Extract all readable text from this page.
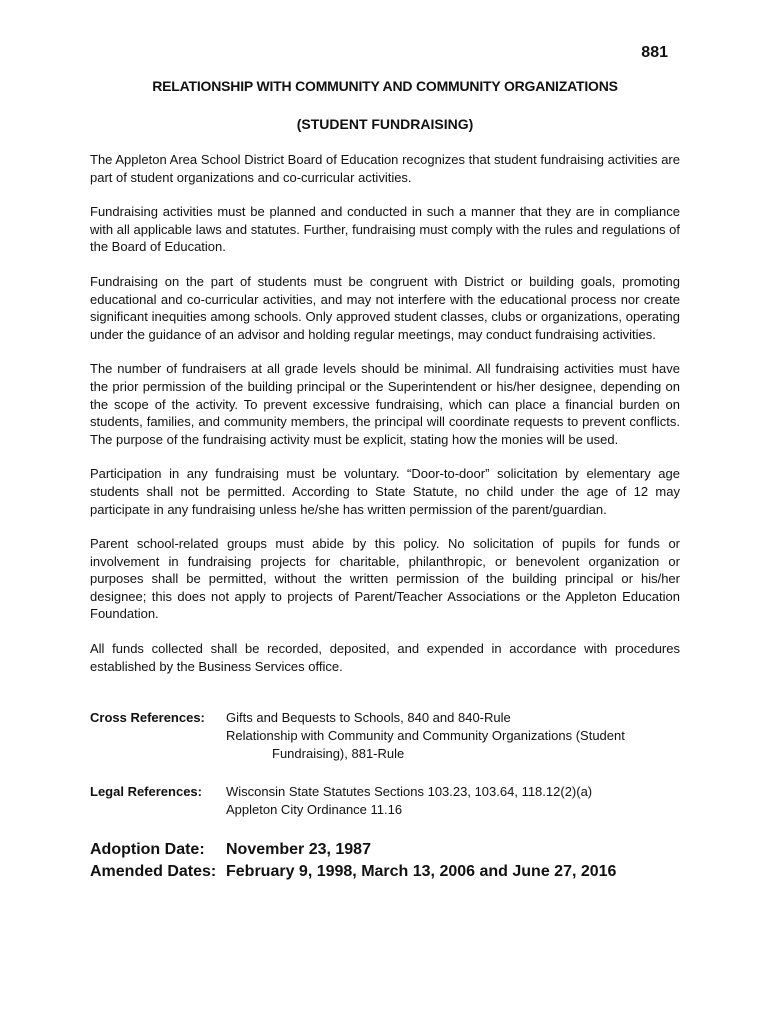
881
RELATIONSHIP WITH COMMUNITY AND COMMUNITY ORGANIZATIONS
(STUDENT FUNDRAISING)

The Appleton Area School District Board of Education recognizes that student fundraising activities are part of student organizations and co-curricular activities.

Fundraising activities must be planned and conducted in such a manner that they are in compliance with all applicable laws and statutes. Further, fundraising must comply with the rules and regulations of the Board of Education.

Fundraising on the part of students must be congruent with District or building goals, promoting educational and co-curricular activities, and may not interfere with the educational process nor create significant inequities among schools. Only approved student classes, clubs or organizations, operating under the guidance of an advisor and holding regular meetings, may conduct fundraising activities.

The number of fundraisers at all grade levels should be minimal. All fundraising activities must have the prior permission of the building principal or the Superintendent or his/her designee, depending on the scope of the activity. To prevent excessive fundraising, which can place a financial burden on students, families, and community members, the principal will coordinate requests to prevent conflicts. The purpose of the fundraising activity must be explicit, stating how the monies will be used.

Participation in any fundraising must be voluntary. “Door-to-door” solicitation by elementary age students shall not be permitted. According to State Statute, no child under the age of 12 may participate in any fundraising unless he/she has written permission of the parent/guardian.

Parent school-related groups must abide by this policy. No solicitation of pupils for funds or involvement in fundraising projects for charitable, philanthropic, or benevolent organization or purposes shall be permitted, without the written permission of the building principal or his/her designee; this does not apply to projects of Parent/Teacher Associations or the Appleton Education Foundation.

All funds collected shall be recorded, deposited, and expended in accordance with procedures established by the Business Services office.

Cross References:	Gifts and Bequests to Schools, 840 and 840-Rule
Relationship with Community and Community Organizations (Student
Fundraising), 881-Rule
Legal References:	Wisconsin State Statutes Sections 103.23, 103.64, 118.12(2)(a)
Appleton City Ordinance 11.16
Adoption Date:	November 23, 1987
Amended Dates: February 9, 1998, March 13, 2006 and June 27, 2016
